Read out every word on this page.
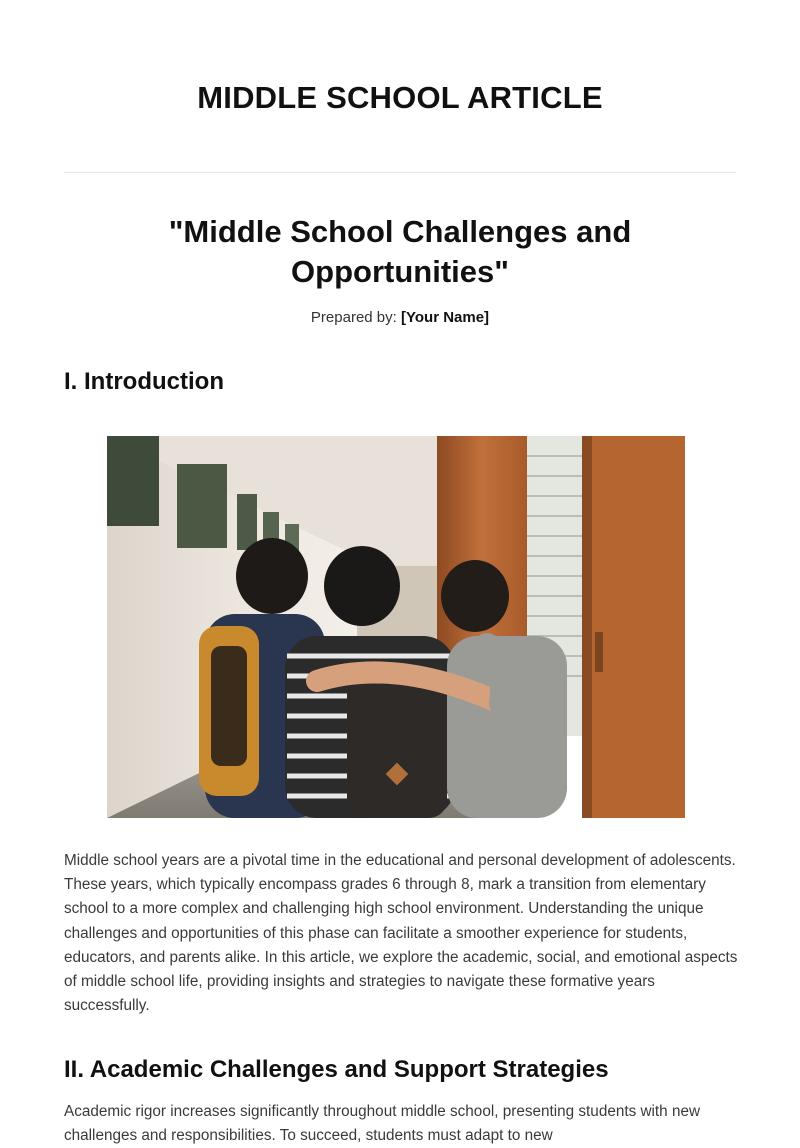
MIDDLE SCHOOL ARTICLE
"Middle School Challenges and Opportunities"
Prepared by: [Your Name]
I. Introduction

Middle school years are a pivotal time in the educational and personal development of adolescents. These years, which typically encompass grades 6 through 8, mark a transition from elementary school to a more complex and challenging high school environment. Understanding the unique challenges and opportunities of this phase can facilitate a smoother experience for students, educators, and parents alike. In this article, we explore the academic, social, and emotional aspects of middle school life, providing insights and strategies to navigate these formative years successfully.

II. Academic Challenges and Support Strategies

Academic rigor increases significantly throughout middle school, presenting students with new challenges and responsibilities. To succeed, students must adapt to new
